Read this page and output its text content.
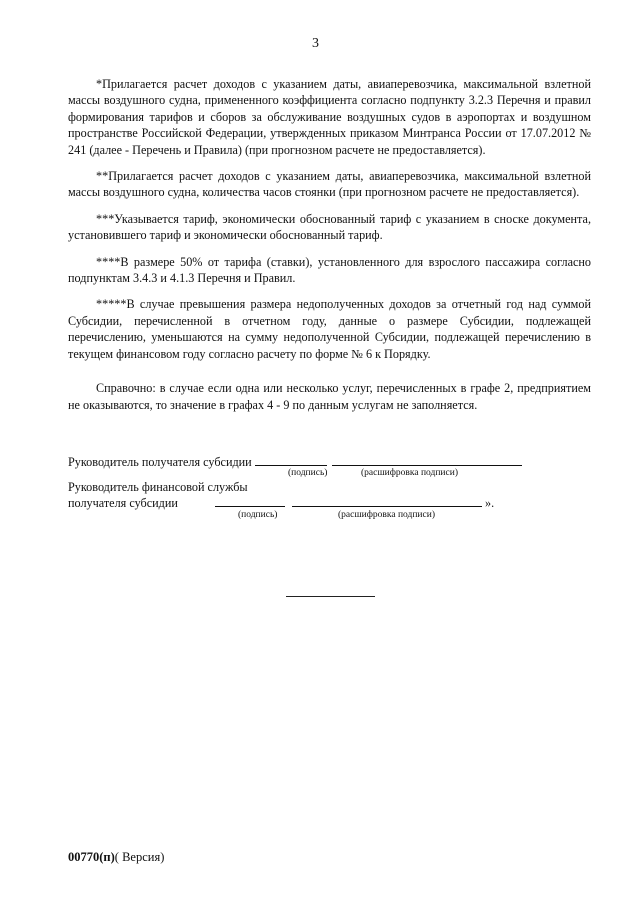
3

*Прилагается расчет доходов с указанием даты, авиаперевозчика, максимальной взлетной массы воздушного судна, примененного коэффициента согласно подпункту 3.2.3 Перечня и правил формирования тарифов и сборов за обслуживание воздушных судов в аэропортах и воздушном пространстве Российской Федерации, утвержденных приказом Минтранса России от 17.07.2012 № 241 (далее - Перечень и Правила) (при прогнозном расчете не предоставляется).

**Прилагается расчет доходов с указанием даты, авиаперевозчика, максимальной взлетной массы воздушного судна, количества часов стоянки (при прогнозном расчете не предоставляется).

***Указывается тариф, экономически обоснованный тариф с указанием в сноске документа, установившего тариф и экономически обоснованный тариф.

****В размере 50% от тарифа (ставки), установленного для взрослого пассажира согласно подпунктам 3.4.3 и 4.1.3 Перечня и Правил.

*****В случае превышения размера недополученных доходов за отчетный год над суммой Субсидии, перечисленной в отчетном году, данные о размере Субсидии, подлежащей перечислению, уменьшаются на сумму недополученной Субсидии, подлежащей перечислению в текущем финансовом году согласно расчету по форме № 6 к Порядку.

Справочно: в случае если одна или несколько услуг, перечисленных в графе 2, предприятием не оказываются, то значение в графах 4 - 9 по данным услугам не заполняется.

Руководитель получателя субсидии
(подпись)	(расшифровка подписи)
Руководитель финансовой службы
получателя субсидии	».
(подпись)	(расшифровка подписи)
00770(п)( Версия)
